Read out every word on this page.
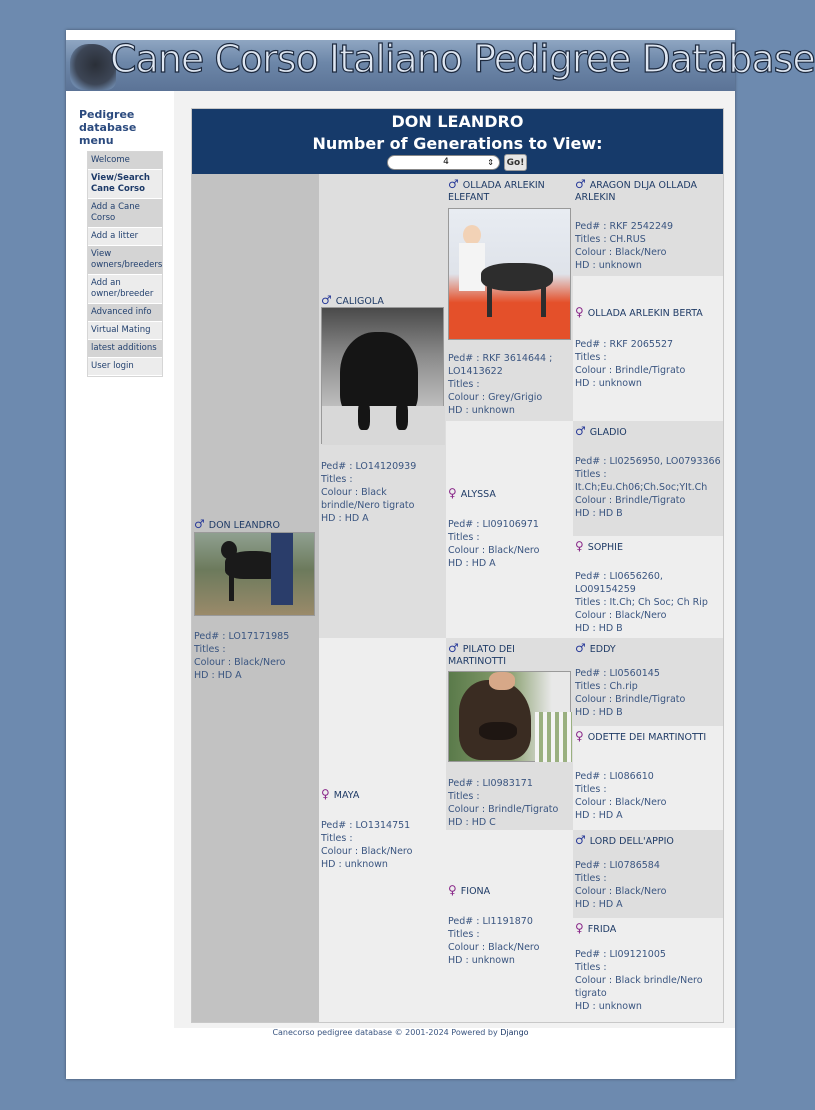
Cane Corso Italiano Pedigree Database
Pedigree database menu
Welcome
View/Search Cane Corso
Add a Cane Corso
Add a litter
View owners/breeders
Add an owner/breeder
Advanced info
Virtual Mating
latest additions
User login
DON LEANDRO
Number of Generations to View:
4	⇕ Go!
♂ DON LEANDRO
Ped# : LO17171985
Titles :
Colour : Black/Nero
HD : HD A
♂ CALIGOLA
Ped# : LO14120939
Titles :
Colour : Black brindle/Nero tigrato
HD : HD A
♀ MAYA
Ped# : LO1314751
Titles :
Colour : Black/Nero
HD : unknown
♂ OLLADA ARLEKIN ELEFANT
Ped# : RKF 3614644 ; LO1413622
Titles :
Colour : Grey/Grigio
HD : unknown
♀ ALYSSA
Ped# : LI09106971
Titles :
Colour : Black/Nero
HD : HD A
♂ PILATO DEI MARTINOTTI
Ped# : LI0983171
Titles :
Colour : Brindle/Tigrato
HD : HD C
♀ FIONA
Ped# : LI1191870
Titles :
Colour : Black/Nero
HD : unknown
♂ ARAGON DLJA OLLADA ARLEKIN
Ped# : RKF 2542249
Titles : CH.RUS
Colour : Black/Nero
HD : unknown
♀ OLLADA ARLEKIN BERTA
Ped# : RKF 2065527
Titles :
Colour : Brindle/Tigrato
HD : unknown
♂ GLADIO
Ped# : LI0256950, LO0793366
Titles : It.Ch;Eu.Ch06;Ch.Soc;YIt.Ch
Colour : Brindle/Tigrato
HD : HD B
♀ SOPHIE
Ped# : LI0656260, LO09154259
Titles : It.Ch; Ch Soc; Ch Rip
Colour : Black/Nero
HD : HD B
♂ EDDY
Ped# : LI0560145
Titles : Ch.rip
Colour : Brindle/Tigrato
HD : HD B
♀ ODETTE DEI MARTINOTTI
Ped# : LI086610
Titles :
Colour : Black/Nero
HD : HD A
♂ LORD DELL'APPIO
Ped# : LI0786584
Titles :
Colour : Black/Nero
HD : HD A
♀ FRIDA
Ped# : LI09121005
Titles :
Colour : Black brindle/Nero tigrato
HD : unknown
Canecorso pedigree database © 2001-2024 Powered by Django
